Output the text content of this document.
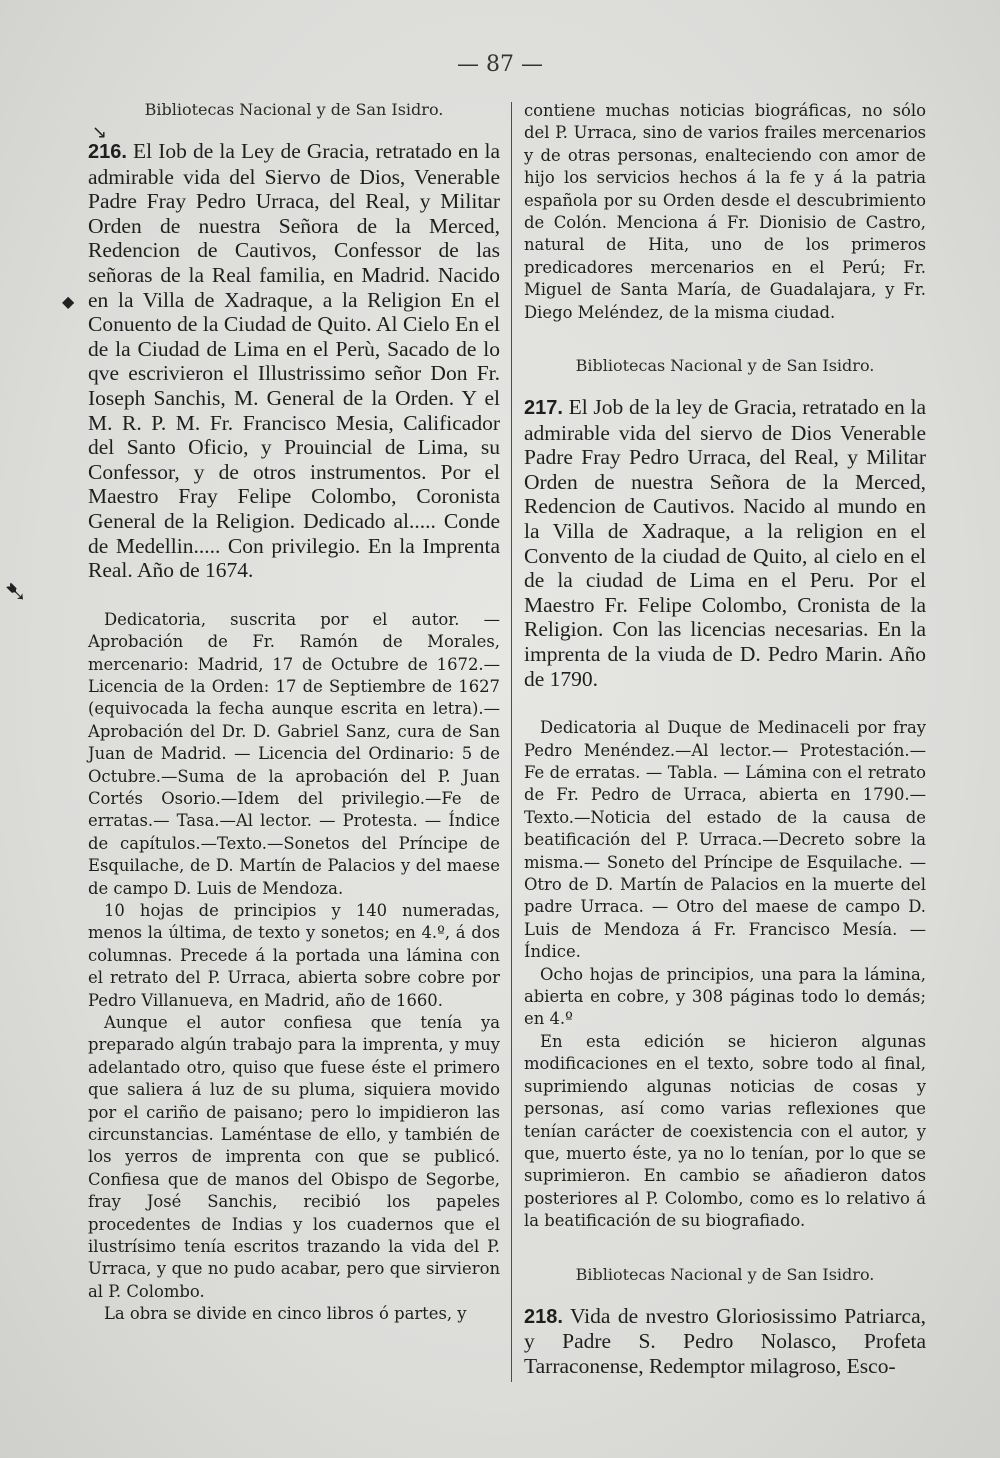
— 87 —
↘
◆
➷

Bibliotecas Nacional y de San Isidro.

216. El Iob de la Ley de Gracia, retratado en la admirable vida del Siervo de Dios, Venerable Padre Fray Pedro Urraca, del Real, y Militar Orden de nuestra Señora de la Merced, Redencion de Cautivos, Confessor de las señoras de la Real familia, en Madrid. Nacido en la Villa de Xadraque, a la Religion En el Conuento de la Ciudad de Quito. Al Cielo En el de la Ciudad de Lima en el Perù, Sacado de lo qve escrivieron el Illustrissimo señor Don Fr. Ioseph Sanchis, M. General de la Orden. Y el M. R. P. M. Fr. Francisco Mesia, Calificador del Santo Oficio, y Prouincial de Lima, su Confessor, y de otros instrumentos. Por el Maestro Fray Felipe Colombo, Coronista General de la Religion. Dedicado al..... Conde de Medellin..... Con privilegio. En la Imprenta Real. Año de 1674.

Dedicatoria, suscrita por el autor. — Aprobación de Fr. Ramón de Morales, mercenario: Madrid, 17 de Octubre de 1672.—Licencia de la Orden: 17 de Septiembre de 1627 (equivocada la fecha aunque escrita en letra).—Aprobación del Dr. D. Gabriel Sanz, cura de San Juan de Madrid. — Licencia del Ordinario: 5 de Octubre.—Suma de la aprobación del P. Juan Cortés Osorio.—Idem del privilegio.—Fe de erratas.— Tasa.—Al lector. — Protesta. — Índice de capítulos.—Texto.—Sonetos del Príncipe de Esquilache, de D. Martín de Palacios y del maese de campo D. Luis de Mendoza.

10 hojas de principios y 140 numeradas, menos la última, de texto y sonetos; en 4.º, á dos columnas. Precede á la portada una lámina con el retrato del P. Urraca, abierta sobre cobre por Pedro Villanueva, en Madrid, año de 1660.

Aunque el autor confiesa que tenía ya preparado algún trabajo para la imprenta, y muy adelantado otro, quiso que fuese éste el primero que saliera á luz de su pluma, siquiera movido por el cariño de paisano; pero lo impidieron las circunstancias. Laméntase de ello, y también de los yerros de imprenta con que se publicó. Confiesa que de manos del Obispo de Segorbe, fray José Sanchis, recibió los papeles procedentes de Indias y los cuadernos que el ilustrísimo tenía escritos trazando la vida del P. Urraca, y que no pudo acabar, pero que sirvieron al P. Colombo.

La obra se divide en cinco libros ó partes, y

contiene muchas noticias biográficas, no sólo del P. Urraca, sino de varios frailes mercenarios y de otras personas, enalteciendo con amor de hijo los servicios hechos á la fe y á la patria española por su Orden desde el descubrimiento de Colón. Menciona á Fr. Dionisio de Castro, natural de Hita, uno de los primeros predicadores mercenarios en el Perú; Fr. Miguel de Santa María, de Guadalajara, y Fr. Diego Meléndez, de la misma ciudad.

Bibliotecas Nacional y de San Isidro.

217. El Job de la ley de Gracia, retratado en la admirable vida del siervo de Dios Venerable Padre Fray Pedro Urraca, del Real, y Militar Orden de nuestra Señora de la Merced, Redencion de Cautivos. Nacido al mundo en la Villa de Xadraque, a la religion en el Convento de la ciudad de Quito, al cielo en el de la ciudad de Lima en el Peru. Por el Maestro Fr. Felipe Colombo, Cronista de la Religion. Con las licencias necesarias. En la imprenta de la viuda de D. Pedro Marin. Año de 1790.

Dedicatoria al Duque de Medinaceli por fray Pedro Menéndez.—Al lector.— Protestación.— Fe de erratas. — Tabla. — Lámina con el retrato de Fr. Pedro de Urraca, abierta en 1790.—Texto.—Noticia del estado de la causa de beatificación del P. Urraca.—Decreto sobre la misma.— Soneto del Príncipe de Esquilache. — Otro de D. Martín de Palacios en la muerte del padre Urraca. — Otro del maese de campo D. Luis de Mendoza á Fr. Francisco Mesía. — Índice.

Ocho hojas de principios, una para la lámina, abierta en cobre, y 308 páginas todo lo demás; en 4.º

En esta edición se hicieron algunas modificaciones en el texto, sobre todo al final, suprimiendo algunas noticias de cosas y personas, así como varias reflexiones que tenían carácter de coexistencia con el autor, y que, muerto éste, ya no lo tenían, por lo que se suprimieron. En cambio se añadieron datos posteriores al P. Colombo, como es lo relativo á la beatificación de su biografiado.

Bibliotecas Nacional y de San Isidro.

218. Vida de nvestro Gloriosissimo Patriarca, y Padre S. Pedro Nolasco, Profeta Tarraconense, Redemptor milagroso, Esco-
